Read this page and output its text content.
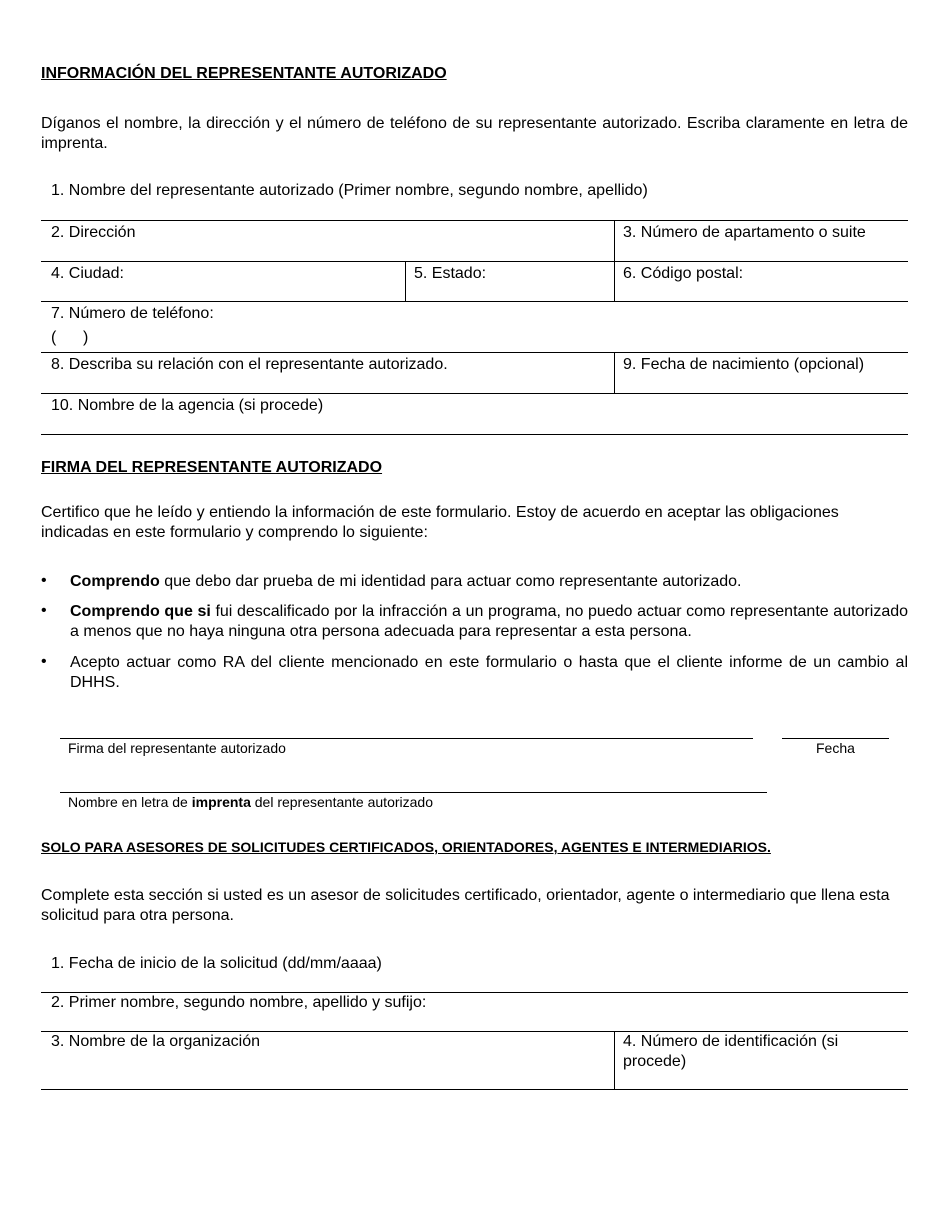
INFORMACIÓN DEL REPRESENTANTE AUTORIZADO
Díganos el nombre, la dirección y el número de teléfono de su representante autorizado. Escriba claramente en letra de imprenta.
1. Nombre del representante autorizado (Primer nombre, segundo nombre, apellido)
2. Dirección	3. Número de apartamento o suite
4. Ciudad:	5. Estado:	6. Código postal:
7. Número de teléfono:
(      )
8. Describa su relación con el representante autorizado.	9. Fecha de nacimiento (opcional)
10. Nombre de la agencia (si procede)
FIRMA DEL REPRESENTANTE AUTORIZADO
Certifico que he leído y entiendo la información de este formulario. Estoy de acuerdo en aceptar las obligaciones indicadas en este formulario y comprendo lo siguiente:
• Comprendo que debo dar prueba de mi identidad para actuar como representante autorizado.
• Comprendo que si fui descalificado por la infracción a un programa, no puedo actuar como representante autorizado a menos que no haya ninguna otra persona adecuada para representar a esta persona.
• Acepto actuar como RA del cliente mencionado en este formulario o hasta que el cliente informe de un cambio al DHHS.
Firma del representante autorizado	Fecha
Nombre en letra de imprenta del representante autorizado
SOLO PARA ASESORES DE SOLICITUDES CERTIFICADOS, ORIENTADORES, AGENTES E INTERMEDIARIOS.
Complete esta sección si usted es un asesor de solicitudes certificado, orientador, agente o intermediario que llena esta solicitud para otra persona.
1. Fecha de inicio de la solicitud (dd/mm/aaaa)
2. Primer nombre, segundo nombre, apellido y sufijo:
3. Nombre de la organización	4. Número de identificación (si procede)
